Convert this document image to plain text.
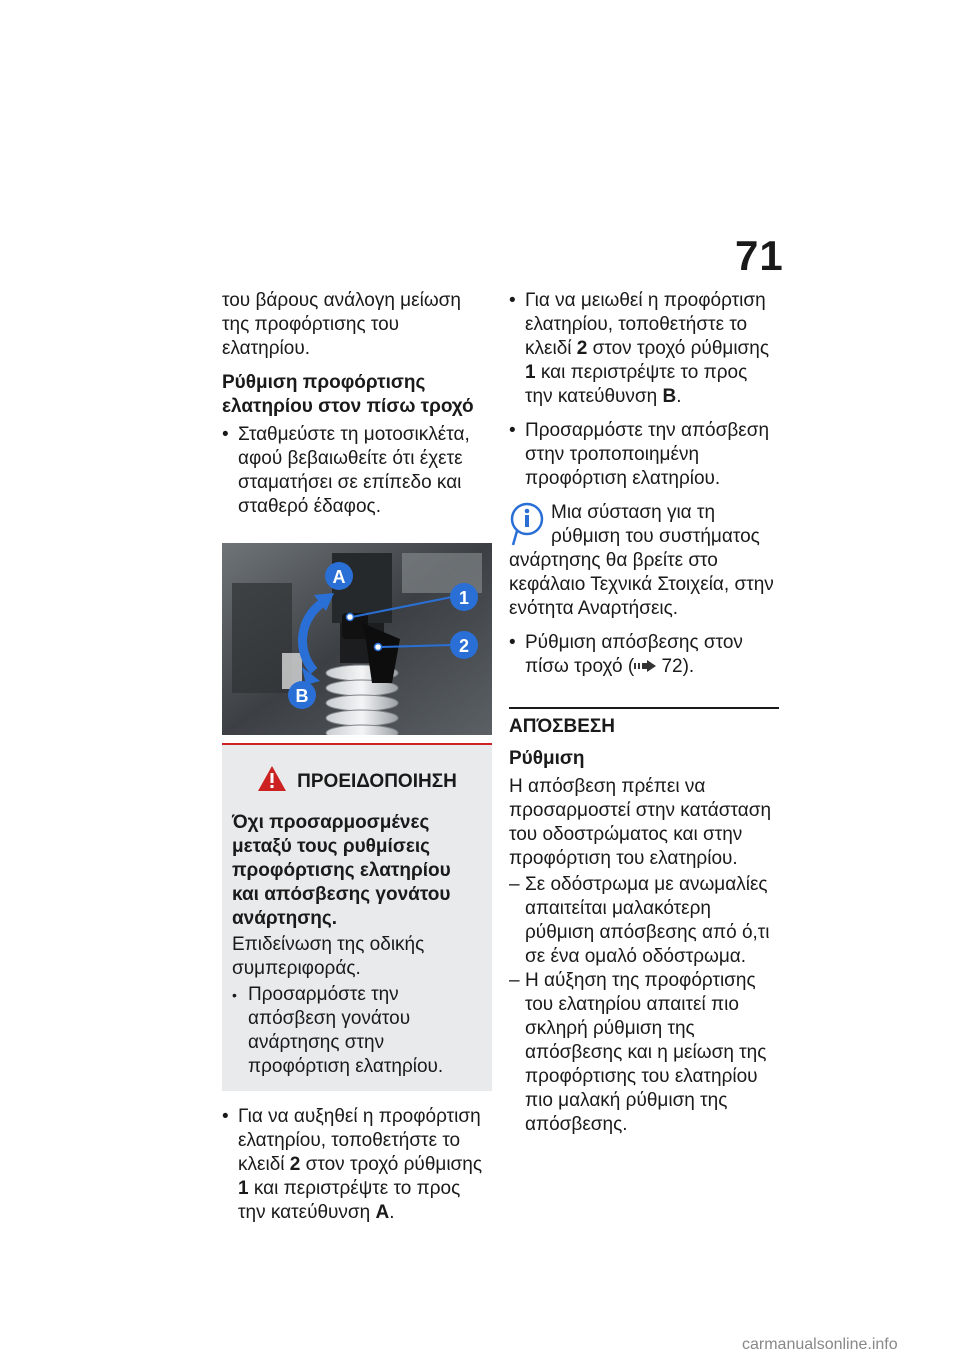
71

του βάρους ανάλογη μείωση της προφόρτισης του ελατηρίου.

Ρύθμιση προφόρτισης ελατηρίου στον πίσω τροχό

• Σταθμεύστε τη μοτοσικλέτα, αφού βεβαιωθείτε ότι έχετε σταματήσει σε επίπεδο και σταθερό έδαφος.

A
B
1
2
ΠΡΟΕΙΔΟΠΟΙΗΣΗ

Όχι προσαρμοσμένες μεταξύ τους ρυθμίσεις προφόρτισης ελατηρίου και απόσβεσης γονάτου ανάρτησης.

Επιδείνωση της οδικής συμπεριφοράς.

• Προσαρμόστε την απόσβεση γονάτου ανάρτησης στην προφόρτιση ελατηρίου.

• Για να αυξηθεί η προφόρτιση ελατηρίου, τοποθετήστε το κλειδί 2 στον τροχό ρύθμισης 1 και περιστρέψτε το προς την κατεύθυνση A.

• Για να μειωθεί η προφόρτιση ελατηρίου, τοποθετήστε το κλειδί 2 στον τροχό ρύθμισης 1 και περιστρέψτε το προς την κατεύθυνση B.

• Προσαρμόστε την απόσβεση στην τροποποιημένη προφόρτιση ελατηρίου.

Μια σύσταση για τη ρύθμιση του συστήματος ανάρτησης θα βρείτε στο κεφάλαιο Τεχνικά Στοιχεία, στην ενότητα Αναρτήσεις.

• Ρύθμιση απόσβεσης στον πίσω τροχό ( 72).

ΑΠΌΣΒΕΣΗ

Ρύθμιση

Η απόσβεση πρέπει να προσαρμοστεί στην κατάσταση του οδοστρώματος και στην προφόρτιση του ελατηρίου.

– Σε οδόστρωμα με ανωμαλίες απαιτείται μαλακότερη ρύθμιση απόσβεσης από ό,τι σε ένα ομαλό οδόστρωμα.

– Η αύξηση της προφόρτισης του ελατηρίου απαιτεί πιο σκληρή ρύθμιση της απόσβεσης και η μείωση της προφόρτισης του ελατηρίου πιο μαλακή ρύθμιση της απόσβεσης.

carmanualsonline.info
